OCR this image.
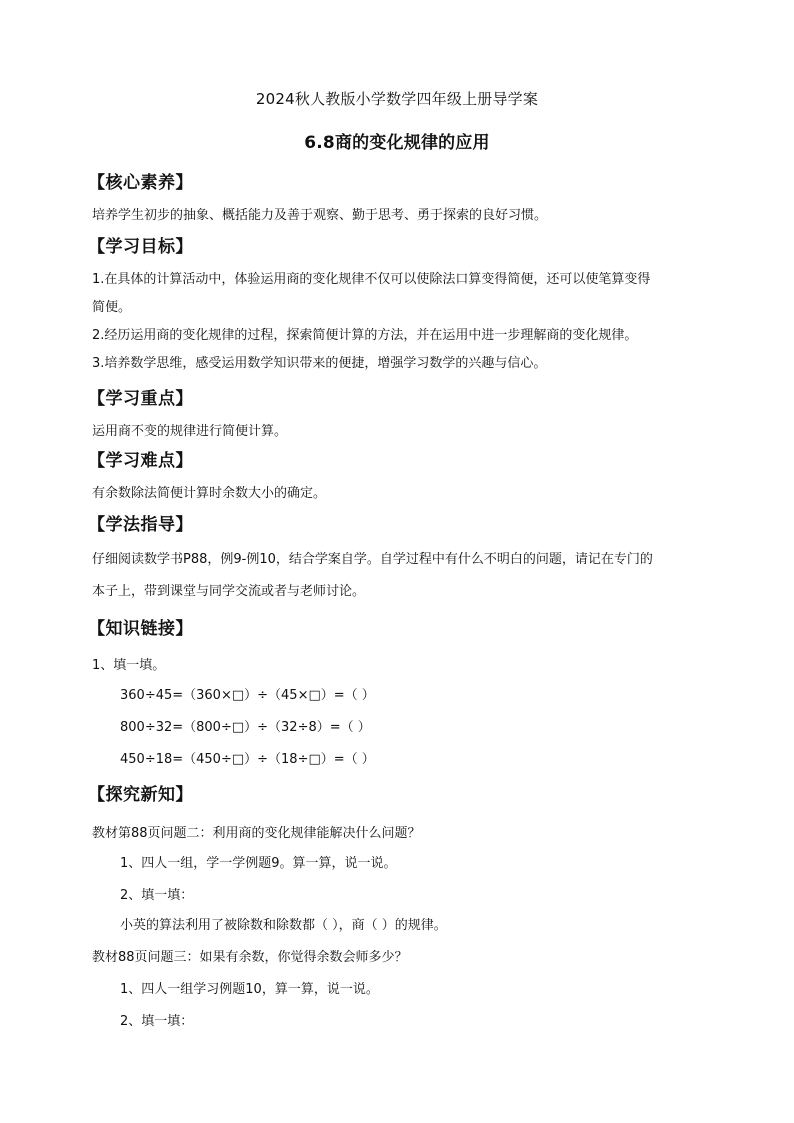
2024秋人教版小学数学四年级上册导学案
6.8商的变化规律的应用
【核心素养】
培养学生初步的抽象、概括能力及善于观察、勤于思考、勇于探索的良好习惯。
【学习目标】
1.在具体的计算活动中，体验运用商的变化规律不仅可以使除法口算变得简便，还可以使笔算变得
简便。
2.经历运用商的变化规律的过程，探索简便计算的方法，并在运用中进一步理解商的变化规律。
3.培养数学思维，感受运用数学知识带来的便捷，增强学习数学的兴趣与信心。
【学习重点】
运用商不变的规律进行简便计算。
【学习难点】
有余数除法简便计算时余数大小的确定。
【学法指导】
仔细阅读数学书P88，例9-例10，结合学案自学。自学过程中有什么不明白的问题，请记在专门的
本子上，带到课堂与同学交流或者与老师讨论。
【知识链接】
1、填一填。
360÷45=（360×□）÷（45×□）=（ ）
800÷32=（800÷□）÷（32÷8）=（ ）
450÷18=（450÷□）÷（18÷□）=（ ）
【探究新知】
教材第88页问题二：利用商的变化规律能解决什么问题？
1、四人一组，学一学例题9。算一算，说一说。
2、填一填：
小英的算法利用了被除数和除数都（ ），商（ ）的规律。
教材88页问题三：如果有余数，你觉得余数会师多少？
1、四人一组学习例题10，算一算，说一说。
2、填一填：
